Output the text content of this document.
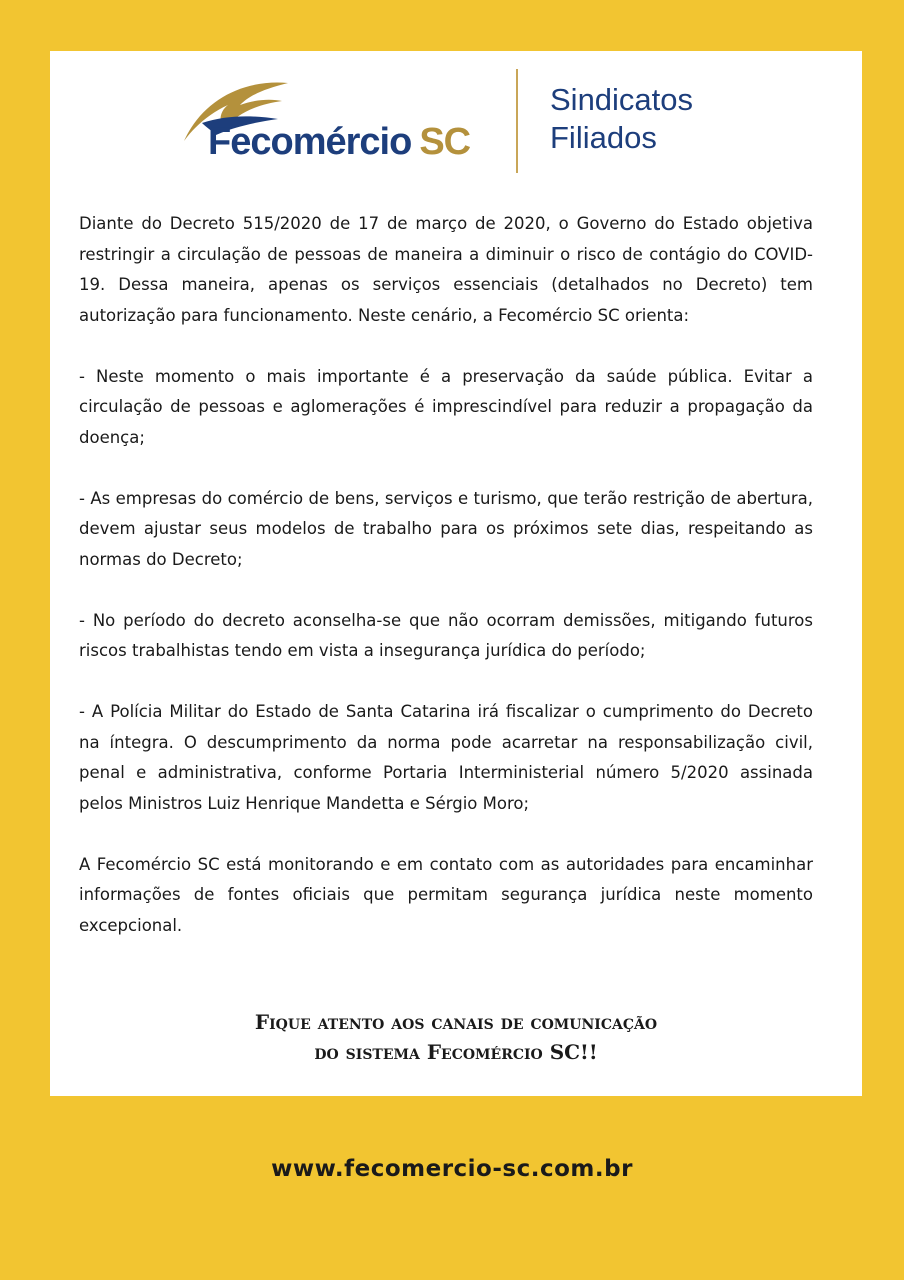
Fecomércio SC
Sindicatos
Filiados

Diante do Decreto 515/2020 de 17 de março de 2020, o Governo do Estado objetiva restringir a circulação de pessoas de maneira a diminuir o risco de contágio do COVID-19. Dessa maneira, apenas os serviços essenciais (detalhados no Decreto) tem autorização para funcionamento. Neste cenário, a Fecomércio SC orienta:

- Neste momento o mais importante é a preservação da saúde pública. Evitar a circulação de pessoas e aglomerações é imprescindível para reduzir a propagação da doença;

- As empresas do comércio de bens, serviços e turismo, que terão restrição de abertura, devem ajustar seus modelos de trabalho para os próximos sete dias, respeitando as normas do Decreto;

- No período do decreto aconselha-se que não ocorram demissões, mitigando futuros riscos trabalhistas tendo em vista a insegurança jurídica do período;

- A Polícia Militar do Estado de Santa Catarina irá fiscalizar o cumprimento do Decreto na íntegra. O descumprimento da norma pode acarretar na responsabilização civil, penal e administrativa, conforme Portaria Interministerial número 5/2020 assinada pelos Ministros Luiz Henrique Mandetta e Sérgio Moro;

A Fecomércio SC está monitorando e em contato com as autoridades para encaminhar informações de fontes oficiais que permitam segurança jurídica neste momento excepcional.

Fique atento aos canais de comunicação
do sistema Fecomércio SC!!
www.fecomercio-sc.com.br
